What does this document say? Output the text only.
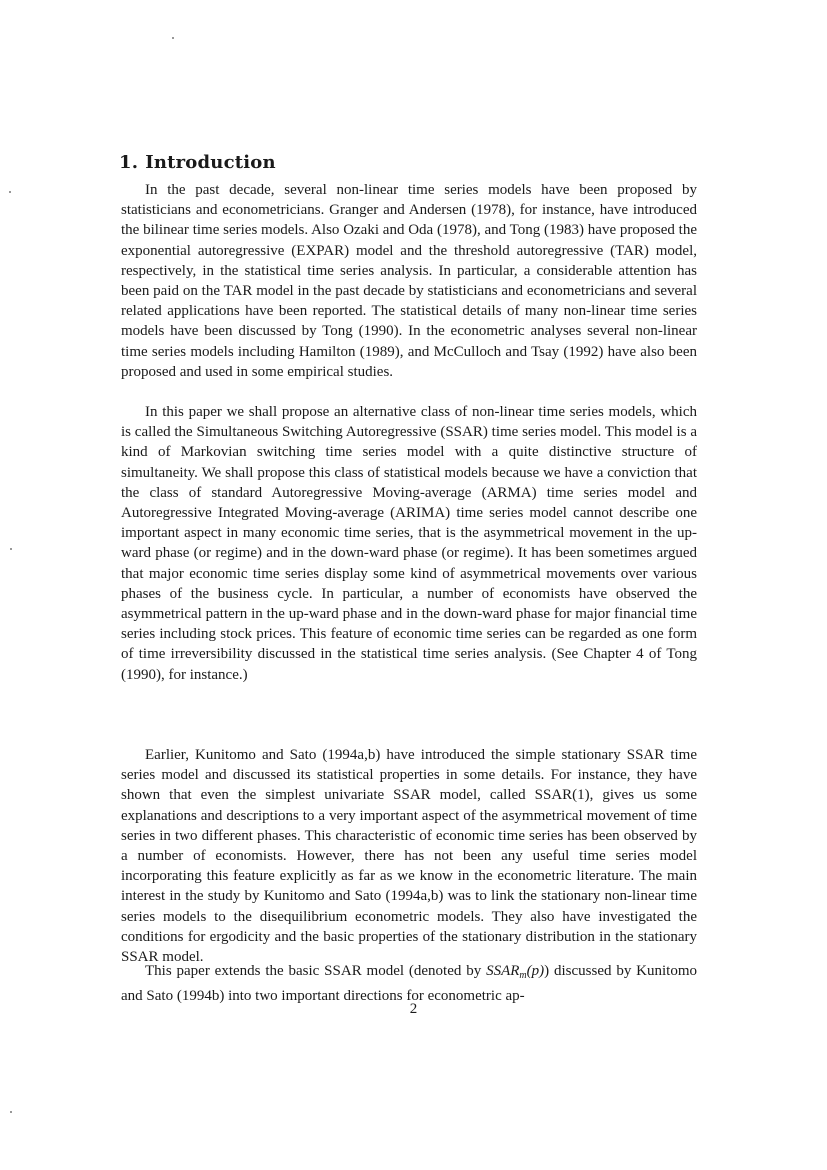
1. Introduction

In the past decade, several non-linear time series models have been proposed by statisticians and econometricians. Granger and Andersen (1978), for instance, have introduced the bilinear time series models. Also Ozaki and Oda (1978), and Tong (1983) have proposed the exponential autoregressive (EXPAR) model and the threshold autoregressive (TAR) model, respectively, in the statistical time series analysis. In particular, a considerable attention has been paid on the TAR model in the past decade by statisticians and econometricians and several related applications have been reported. The statistical details of many non-linear time series models have been discussed by Tong (1990). In the econometric analyses several non-linear time series models including Hamilton (1989), and McCulloch and Tsay (1992) have also been proposed and used in some empirical studies.

In this paper we shall propose an alternative class of non-linear time series models, which is called the Simultaneous Switching Autoregressive (SSAR) time series model. This model is a kind of Markovian switching time series model with a quite distinctive structure of simultaneity. We shall propose this class of statistical models because we have a conviction that the class of standard Autoregressive Moving-average (ARMA) time series model and Autoregressive Integrated Moving-average (ARIMA) time series model cannot describe one important aspect in many economic time series, that is the asymmetrical movement in the up-ward phase (or regime) and in the down-ward phase (or regime). It has been sometimes argued that major economic time series display some kind of asymmetrical movements over various phases of the business cycle. In particular, a number of economists have observed the asymmetrical pattern in the up-ward phase and in the down-ward phase for major financial time series including stock prices. This feature of economic time series can be regarded as one form of time irreversibility discussed in the statistical time series analysis. (See Chapter 4 of Tong (1990), for instance.)

Earlier, Kunitomo and Sato (1994a,b) have introduced the simple stationary SSAR time series model and discussed its statistical properties in some details. For instance, they have shown that even the simplest univariate SSAR model, called SSAR(1), gives us some explanations and descriptions to a very important aspect of the asymmetrical movement of time series in two different phases. This characteristic of economic time series has been observed by a number of economists. However, there has not been any useful time series model incorporating this feature explicitly as far as we know in the econometric literature. The main interest in the study by Kunitomo and Sato (1994a,b) was to link the stationary non-linear time series models to the disequilibrium econometric models. They also have investigated the conditions for ergodicity and the basic properties of the stationary distribution in the stationary SSAR model.

This paper extends the basic SSAR model (denoted by $SSAR_m(p)$) discussed by Kunitomo and Sato (1994b) into two important directions for econometric ap-

2
